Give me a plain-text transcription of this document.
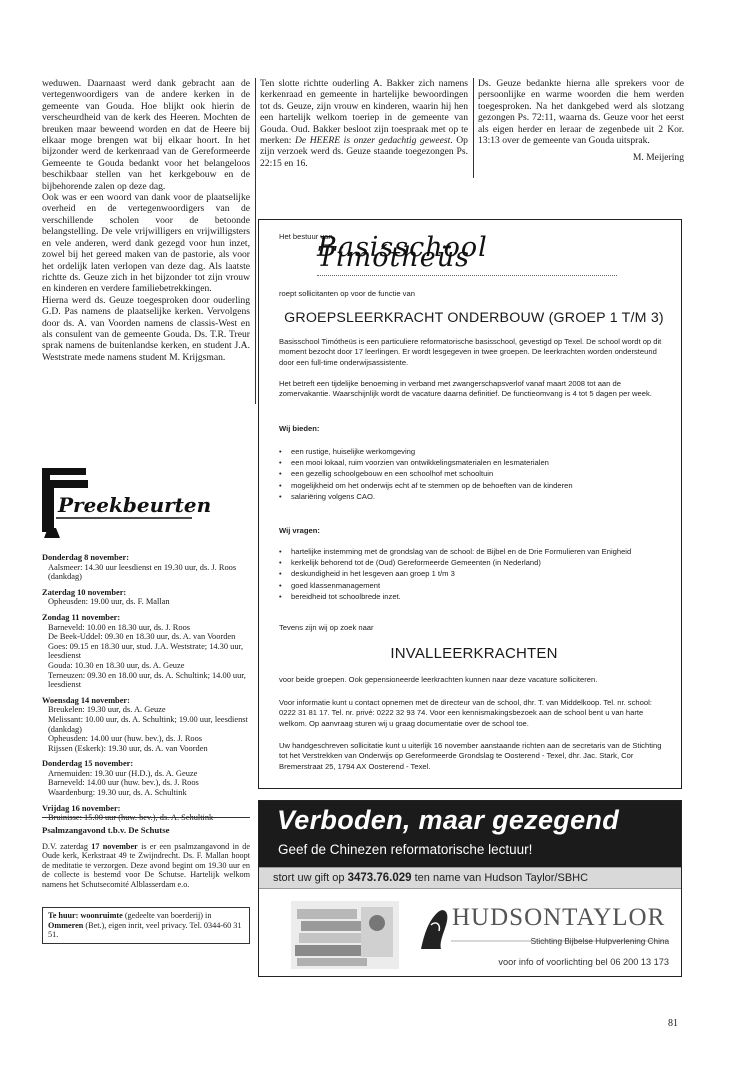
weduwen. Daarnaast werd dank gebracht aan de vertegenwoordigers van de andere kerken in de gemeente van Gouda. Hoe blijkt ook hierin de verscheurdheid van de kerk des Heeren. Mochten de breuken maar beweend worden en dat de Heere bij elkaar moge brengen wat bij elkaar hoort. In het bijzonder werd de kerkenraad van de Gereformeerde Gemeente te Gouda bedankt voor het belangeloos beschikbaar stellen van het kerkgebouw en de bijbehorende zalen op deze dag.

Ook was er een woord van dank voor de plaatselijke overheid en de vertegenwoordigers van de verschillende scholen voor de betoonde belangstelling. De vele vrijwilligers en vrijwilligsters en vele anderen, werd dank gezegd voor hun inzet, zowel bij het gereed maken van de pastorie, als voor het ordelijk laten verlopen van deze dag. Als laatste richtte ds. Geuze zich in het bijzonder tot zijn vrouw en kinderen en verdere familiebetrekkingen.

Hierna werd ds. Geuze toegesproken door ouderling G.D. Pas namens de plaatselijke kerken. Vervolgens door ds. A. van Voorden namens de classis-West en als consulent van de gemeente Gouda. Ds. T.R. Treur sprak namens de buitenlandse kerken, en student J.A. Weststrate mede namens student M. Krijgsman.

Ten slotte richtte ouderling A. Bakker zich namens kerkenraad en gemeente in hartelijke bewoordingen tot ds. Geuze, zijn vrouw en kinderen, waarin hij hen een hartelijk welkom toeriep in de gemeente van Gouda. Oud. Bakker besloot zijn toespraak met op te merken: De HEERE is onzer gedachtig geweest. Op zijn verzoek werd ds. Geuze staande toegezongen Ps. 22:15 en 16.

Ds. Geuze bedankte hierna alle sprekers voor de persoonlijke en warme woorden die hem werden toegesproken. Na het dankgebed werd als slotzang gezongen Ps. 72:11, waarna ds. Geuze voor het eerst als eigen herder en leraar de zegenbede uit 2 Kor. 13:13 over de gemeente van Gouda uitsprak.

M. Meijering

Preekbeurten
Donderdag 8 november:
Aalsmeer: 14.30 uur leesdienst en 19.30 uur, ds. J. Roos (dankdag)
Zaterdag 10 november:
Opheusden: 19.00 uur, ds. F. Mallan
Zondag 11 november:
Barneveld: 10.00 en 18.30 uur, ds. J. Roos
De Beek-Uddel: 09.30 en 18.30 uur, ds. A. van Voorden
Goes: 09.15 en 18.30 uur, stud. J.A. Weststrate; 14.30 uur, leesdienst
Gouda: 10.30 en 18.30 uur, ds. A. Geuze
Terneuzen: 09.30 en 18.00 uur, ds. A. Schultink; 14.00 uur, leesdienst
Woensdag 14 november:
Breukelen: 19.30 uur, ds. A. Geuze
Melissant: 10.00 uur, ds. A. Schultink; 19.00 uur, leesdienst (dankdag)
Opheusden: 14.00 uur (huw. bev.), ds. J. Roos
Rijssen (Eskerk): 19.30 uur, ds. A. van Voorden
Donderdag 15 november:
Arnemuiden: 19.30 uur (H.D.), ds. A. Geuze
Barneveld: 14.00 uur (huw. bev.), ds. J. Roos
Waardenburg: 19.30 uur, ds. A. Schultink
Vrijdag 16 november:
Psalmzangavond t.b.v. De Schutse
D.V. zaterdag 17 november is er een psalmzangavond in de Oude kerk, Kerkstraat 49 te Zwijndrecht. Ds. F. Mallan hoopt de meditatie te verzorgen. Deze avond begint om 19.30 uur en de collecte is bestemd voor De Schutse. Hartelijk welkom namens het Schutsecomité Alblasserdam e.o.
Te huur: woonruimte (gedeelte van boerderij) in Ommeren (Bet.), eigen inrit, veel privacy. Tel. 0344-60 31 51.
Het bestuur van
Basisschool Timótheüs
roept sollicitanten op voor de functie van
GROEPSLEERKRACHT ONDERBOUW (GROEP 1 T/M 3)
Basisschool Timótheüs is een particuliere reformatorische basisschool, gevestigd op Texel. De school wordt op dit moment bezocht door 17 leerlingen. Er wordt lesgegeven in twee groepen. De leerkrachten worden ondersteund door een full-time onderwijsassistente.
Het betreft een tijdelijke benoeming in verband met zwangerschapsverlof vanaf maart 2008 tot aan de zomervakantie. Waarschijnlijk wordt de vacature daarna definitief. De functieomvang is 4 tot 5 dagen per week.
Wij bieden:
• een rustige, huiselijke werkomgeving
• een mooi lokaal, ruim voorzien van ontwikkelingsmaterialen en lesmaterialen
• een gezellig schoolgebouw en een schoolhof met schooltuin
• mogelijkheid om het onderwijs echt af te stemmen op de behoeften van de kinderen
• salariëring volgens CAO.
Wij vragen:
• hartelijke instemming met de grondslag van de school: de Bijbel en de Drie Formulieren van Enigheid
• kerkelijk behorend tot de (Oud) Gereformeerde Gemeenten (in Nederland)
• deskundigheid in het lesgeven aan groep 1 t/m 3
• goed klassenmanagement
• bereidheid tot schoolbrede inzet.
Tevens zijn wij op zoek naar
INVALLEERKRACHTEN
voor beide groepen. Ook gepensioneerde leerkrachten kunnen naar deze vacature solliciteren.
Voor informatie kunt u contact opnemen met de directeur van de school, dhr. T. van Middelkoop. Tel. nr. school: 0222 31 81 17. Tel. nr. privé: 0222 32 93 74. Voor een kennismakingsbezoek aan de school bent u van harte welkom. Op aanvraag sturen wij u graag documentatie over de school toe.
Uw handgeschreven sollicitatie kunt u uiterlijk 16 november aanstaande richten aan de secretaris van de Stichting tot het Verstrekken van Onderwijs op Gereformeerde Grondslag te Oosterend - Texel, dhr. Jac. Stark, Cor Bremerstraat 25, 1794 AX Oosterend - Texel.
Verboden, maar gezegend
Geef de Chinezen reformatorische lectuur!
stort uw gift op 3473.76.029 ten name van Hudson Taylor/SBHC
HUDSONTAYLOR
Stichting Bijbelse Hulpverlening China
voor info of voorlichting bel 06 200 13 173
81
